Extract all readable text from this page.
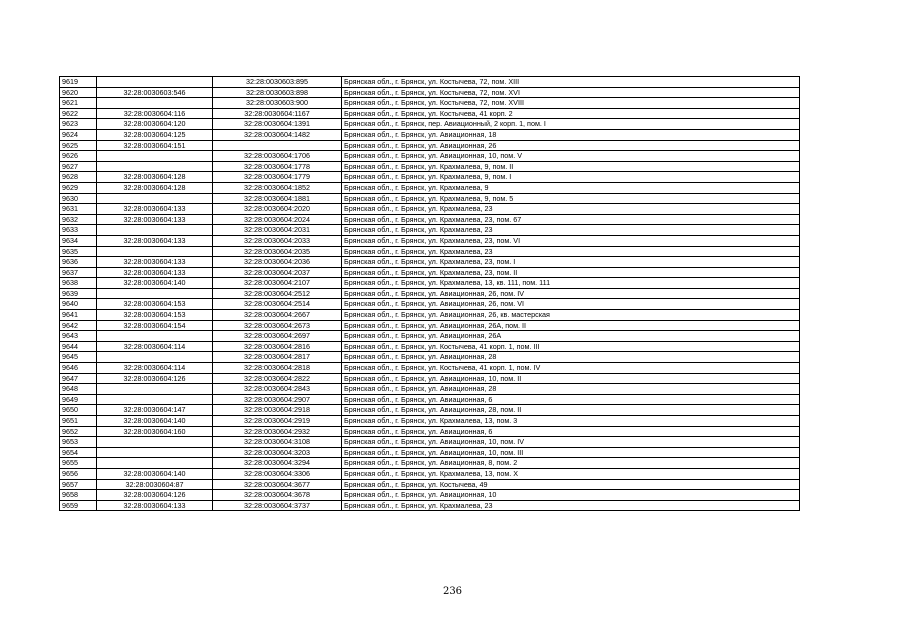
9619		32:28:0030603:895	Брянская обл., г. Брянск, ул. Костычева, 72, пом. XIII
9620	32:28:0030603:546	32:28:0030603:898	Брянская обл., г. Брянск, ул. Костычева, 72, пом. XVI
9621		32:28:0030603:900	Брянская обл., г. Брянск, ул. Костычева, 72, пом. XVIII
9622	32:28:0030604:116	32:28:0030604:1167	Брянская обл., г. Брянск, ул. Костычева, 41 корп. 2
9623	32:28:0030604:120	32:28:0030604:1391	Брянская обл., г. Брянск, пер. Авиационный, 2 корп. 1, пом. I
9624	32:28:0030604:125	32:28:0030604:1482	Брянская обл., г. Брянск, ул. Авиационная, 18
9625	32:28:0030604:151		Брянская обл., г. Брянск, ул. Авиационная, 26
9626		32:28:0030604:1706	Брянская обл., г. Брянск, ул. Авиационная, 10, пом. V
9627		32:28:0030604:1778	Брянская обл., г. Брянск, ул. Крахмалева, 9, пом. II
9628	32:28:0030604:128	32:28:0030604:1779	Брянская обл., г. Брянск, ул. Крахмалева, 9, пом. I
9629	32:28:0030604:128	32:28:0030604:1852	Брянская обл., г. Брянск, ул. Крахмалева, 9
9630		32:28:0030604:1881	Брянская обл., г. Брянск, ул. Крахмалева, 9, пом. 5
9631	32:28:0030604:133	32:28:0030604:2020	Брянская обл., г. Брянск, ул. Крахмалева, 23
9632	32:28:0030604:133	32:28:0030604:2024	Брянская обл., г. Брянск, ул. Крахмалева, 23, пом. 67
9633		32:28:0030604:2031	Брянская обл., г. Брянск, ул. Крахмалева, 23
9634	32:28:0030604:133	32:28:0030604:2033	Брянская обл., г. Брянск, ул. Крахмалева, 23, пом. VI
9635		32:28:0030604:2035	Брянская обл., г. Брянск, ул. Крахмалева, 23
9636	32:28:0030604:133	32:28:0030604:2036	Брянская обл., г. Брянск, ул. Крахмалева, 23, пом. I
9637	32:28:0030604:133	32:28:0030604:2037	Брянская обл., г. Брянск, ул. Крахмалева, 23, пом. II
9638	32:28:0030604:140	32:28:0030604:2107	Брянская обл., г. Брянск, ул. Крахмалева, 13, кв. 111, пом. 111
9639		32:28:0030604:2512	Брянская обл., г. Брянск, ул. Авиационная, 26, пом. IV
9640	32:28:0030604:153	32:28:0030604:2514	Брянская обл., г. Брянск, ул. Авиационная, 26, пом. VI
9641	32:28:0030604:153	32:28:0030604:2667	Брянская обл., г. Брянск, ул. Авиационная, 26, кв. мастерская
9642	32:28:0030604:154	32:28:0030604:2673	Брянская обл., г. Брянск, ул. Авиационная, 26А, пом. II
9643		32:28:0030604:2697	Брянская обл., г. Брянск, ул. Авиационная, 26А
9644	32:28:0030604:114	32:28:0030604:2816	Брянская обл., г. Брянск, ул. Костычева, 41 корп. 1, пом. III
9645		32:28:0030604:2817	Брянская обл., г. Брянск, ул. Авиационная, 28
9646	32:28:0030604:114	32:28:0030604:2818	Брянская обл., г. Брянск, ул. Костычева, 41 корп. 1, пом. IV
9647	32:28:0030604:126	32:28:0030604:2822	Брянская обл., г. Брянск, ул. Авиационная, 10, пом. II
9648		32:28:0030604:2843	Брянская обл., г. Брянск, ул. Авиационная, 28
9649		32:28:0030604:2907	Брянская обл., г. Брянск, ул. Авиационная, 6
9650	32:28:0030604:147	32:28:0030604:2918	Брянская обл., г. Брянск, ул. Авиационная, 28, пом. II
9651	32:28:0030604:140	32:28:0030604:2919	Брянская обл., г. Брянск, ул. Крахмалева, 13, пом. 3
9652	32:28:0030604:160	32:28:0030604:2932	Брянская обл., г. Брянск, ул. Авиационная, 6
9653		32:28:0030604:3108	Брянская обл., г. Брянск, ул. Авиационная, 10, пом. IV
9654		32:28:0030604:3203	Брянская обл., г. Брянск, ул. Авиационная, 10, пом. III
9655		32:28:0030604:3294	Брянская обл., г. Брянск, ул. Авиационная, 8, пом. 2
9656	32:28:0030604:140	32:28:0030604:3306	Брянская обл., г. Брянск, ул. Крахмалева, 13, пом. X
9657	32:28:0030604:87	32:28:0030604:3677	Брянская обл., г. Брянск, ул. Костычева, 49
9658	32:28:0030604:126	32:28:0030604:3678	Брянская обл., г. Брянск, ул. Авиационная, 10
9659	32:28:0030604:133	32:28:0030604:3737	Брянская обл., г. Брянск, ул. Крахмалева, 23
236
